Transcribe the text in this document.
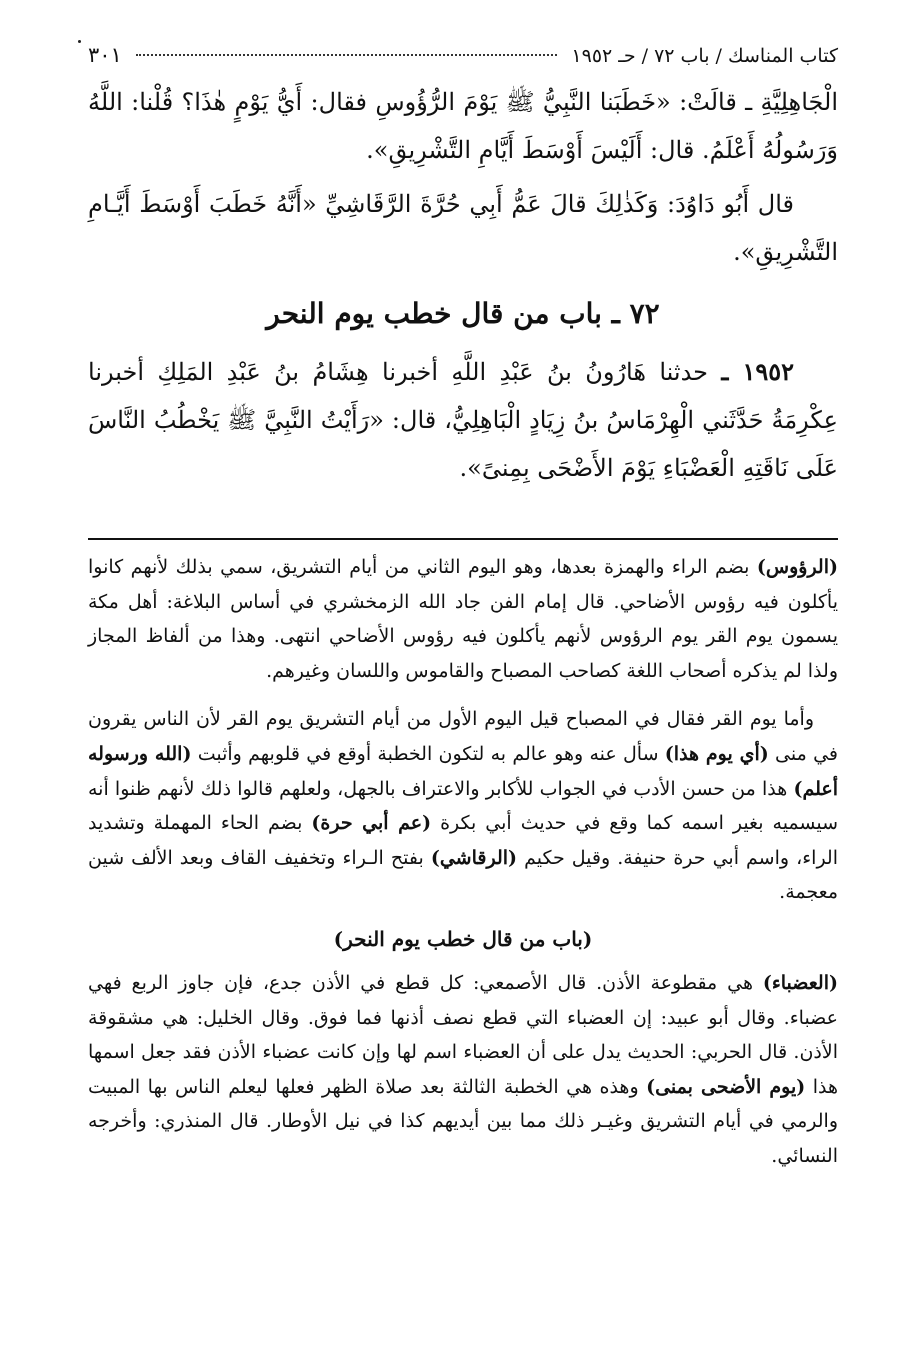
كتاب المناسك / باب ٧٢ / حـ ١٩٥٢
٣٠١

الْجَاهِلِيَّةِ ـ قالَتْ: «خَطَبَنا النَّبِيُّ ﷺ يَوْمَ الرُّؤُوسِ فقال: أَيُّ يَوْمٍ هٰذَا؟ قُلْنا: اللَّهُ وَرَسُولُهُ أَعْلَمُ. قال: أَلَيْسَ أَوْسَطَ أَيَّامِ التَّشْرِيقِ».

قال أَبُو دَاوُدَ: وَكَذٰلِكَ قالَ عَمُّ أَبِي حُرَّةَ الرَّقَاشِيِّ «أَنَّهُ خَطَبَ أَوْسَطَ أَيَّـامِ التَّشْرِيقِ».

٧٢ ـ باب من قال خطب يوم النحر

١٩٥٢ ـ حدثنا هَارُونُ بنُ عَبْدِ اللَّهِ أخبرنا هِشَامُ بنُ عَبْدِ المَلِكِ أخبرنا عِكْرِمَةُ حَدَّثَني الْهِرْمَاسُ بنُ زِيَادٍ الْبَاهِلِيُّ، قال: «رَأَيْتُ النَّبِيَّ ﷺ يَخْطُبُ النَّاسَ عَلَى نَاقَتِهِ الْعَضْبَاءِ يَوْمَ الأَضْحَى بِمِنىً».

(الرؤوس) بضم الراء والهمزة بعدها، وهو اليوم الثاني من أيام التشريق، سمي بذلك لأنهم كانوا يأكلون فيه رؤوس الأضاحي. قال إمام الفن جاد الله الزمخشري في أساس البلاغة: أهل مكة يسمون يوم القر يوم الرؤوس لأنهم يأكلون فيه رؤوس الأضاحي انتهى. وهذا من ألفاظ المجاز ولذا لم يذكره أصحاب اللغة كصاحب المصباح والقاموس واللسان وغيرهم.

وأما يوم القر فقال في المصباح قيل اليوم الأول من أيام التشريق يوم القر لأن الناس يقرون في منى (أي يوم هذا) سأل عنه وهو عالم به لتكون الخطبة أوقع في قلوبهم وأثبت (الله ورسوله أعلم) هذا من حسن الأدب في الجواب للأكابر والاعتراف بالجهل، ولعلهم قالوا ذلك لأنهم ظنوا أنه سيسميه بغير اسمه كما وقع في حديث أبي بكرة (عم أبي حرة) بضم الحاء المهملة وتشديد الراء، واسم أبي حرة حنيفة. وقيل حكيم (الرقاشي) بفتح الـراء وتخفيف القاف وبعد الألف شين معجمة.

(باب من قال خطب يوم النحر)

(العضباء) هي مقطوعة الأذن. قال الأصمعي: كل قطع في الأذن جدع، فإن جاوز الربع فهي عضباء. وقال أبو عبيد: إن العضباء التي قطع نصف أذنها فما فوق. وقال الخليل: هي مشقوقة الأذن. قال الحربي: الحديث يدل على أن العضباء اسم لها وإن كانت عضباء الأذن فقد جعل اسمها هذا (يوم الأضحى بمنى) وهذه هي الخطبة الثالثة بعد صلاة الظهر فعلها ليعلم الناس بها المبيت والرمي في أيام التشريق وغيـر ذلك مما بين أيديهم كذا في نيل الأوطار. قال المنذري: وأخرجه النسائي.
